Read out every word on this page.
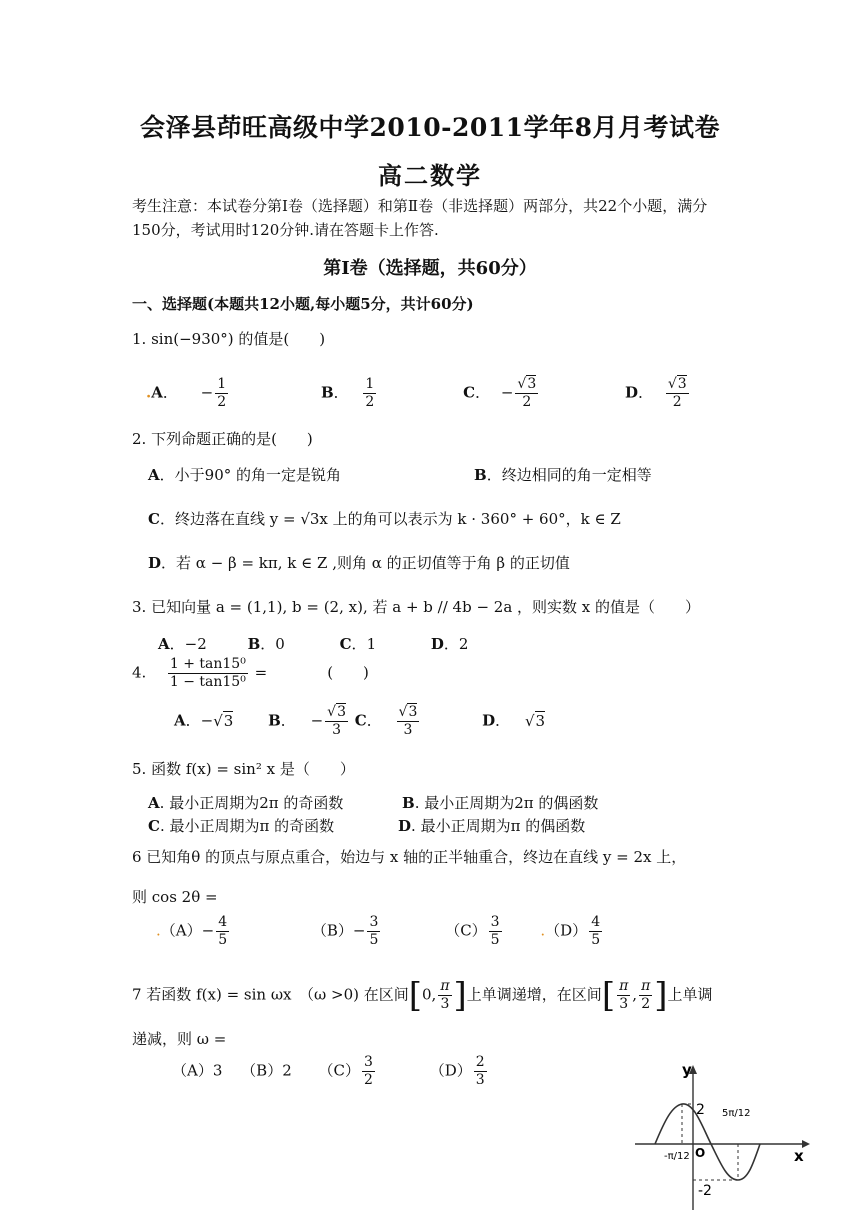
会泽县茚旺高级中学2010-2011学年8月月考试卷
高二数学
考生注意：本试卷分第Ⅰ卷（选择题）和第Ⅱ卷（非选择题）两部分，共22个小题，满分150分，考试用时120分钟.请在答题卡上作答.
第Ⅰ卷（选择题，共60分）
一、选择题(本题共12小题,每小题5分，共计60分)
1. sin(−930°) 的值是(　　)
.A． − $\frac{1}{2}$	B． $\frac{1}{2}$	C． − √ $\frac{3}{2}$	D． √ $\frac{3}{2}$
2. 下列命题正确的是(　　)
A．小于90° 的角一定是锐角	B．终边相同的角一定相等
C．终边落在直线 y = √3x 上的角可以表示为 k · 360° + 60°，k ∈ Z
D．若 α − β = kπ, k ∈ Z ,则角 α 的正切值等于角 β 的正切值
3. 已知向量 a = (1,1), b = (2, x), 若 a + b // 4b − 2a ，则实数 x 的值是（　　）
A．−2	B．0	C．1	D．2
4. $\frac{\text{1 + tan15⁰}}{\text{1 − tan15⁰}}$ =　　　　(　　)
A．− √ 3 B． − √ $\frac{3}{3}$ C． √ $\frac{3}{3}$	D． √ 3
5. 函数 f(x) = sin² x 是（　　）
A. 最小正周期为2π 的奇函数	B. 最小正周期为2π 的偶函数
C. 最小正周期为π 的奇函数	D. 最小正周期为π 的偶函数
6 已知角θ 的顶点与原点重合，始边与 x 轴的正半轴重合，终边在直线 y = 2x 上，
则 cos 2θ =
$.(A)- \frac{4}{5}$	$(B)- \frac{3}{5}$	$(C) \frac{3}{5}$	$.(D) \frac{4}{5}$
7 若函数 f(x) = sin ωx　（ω >0) 在区间[0, $\frac{\pi}{3}$ ]上单调递增，在区间[ $\frac{\pi}{3}$ , $\frac{\pi}{2}$ ]上单调
递减，则 ω =
（A）3 （B）2 $(C) \frac{3}{2}$	$(D) \frac{2}{3}$	y
x
O
2
-2
-π/12
5π/12
